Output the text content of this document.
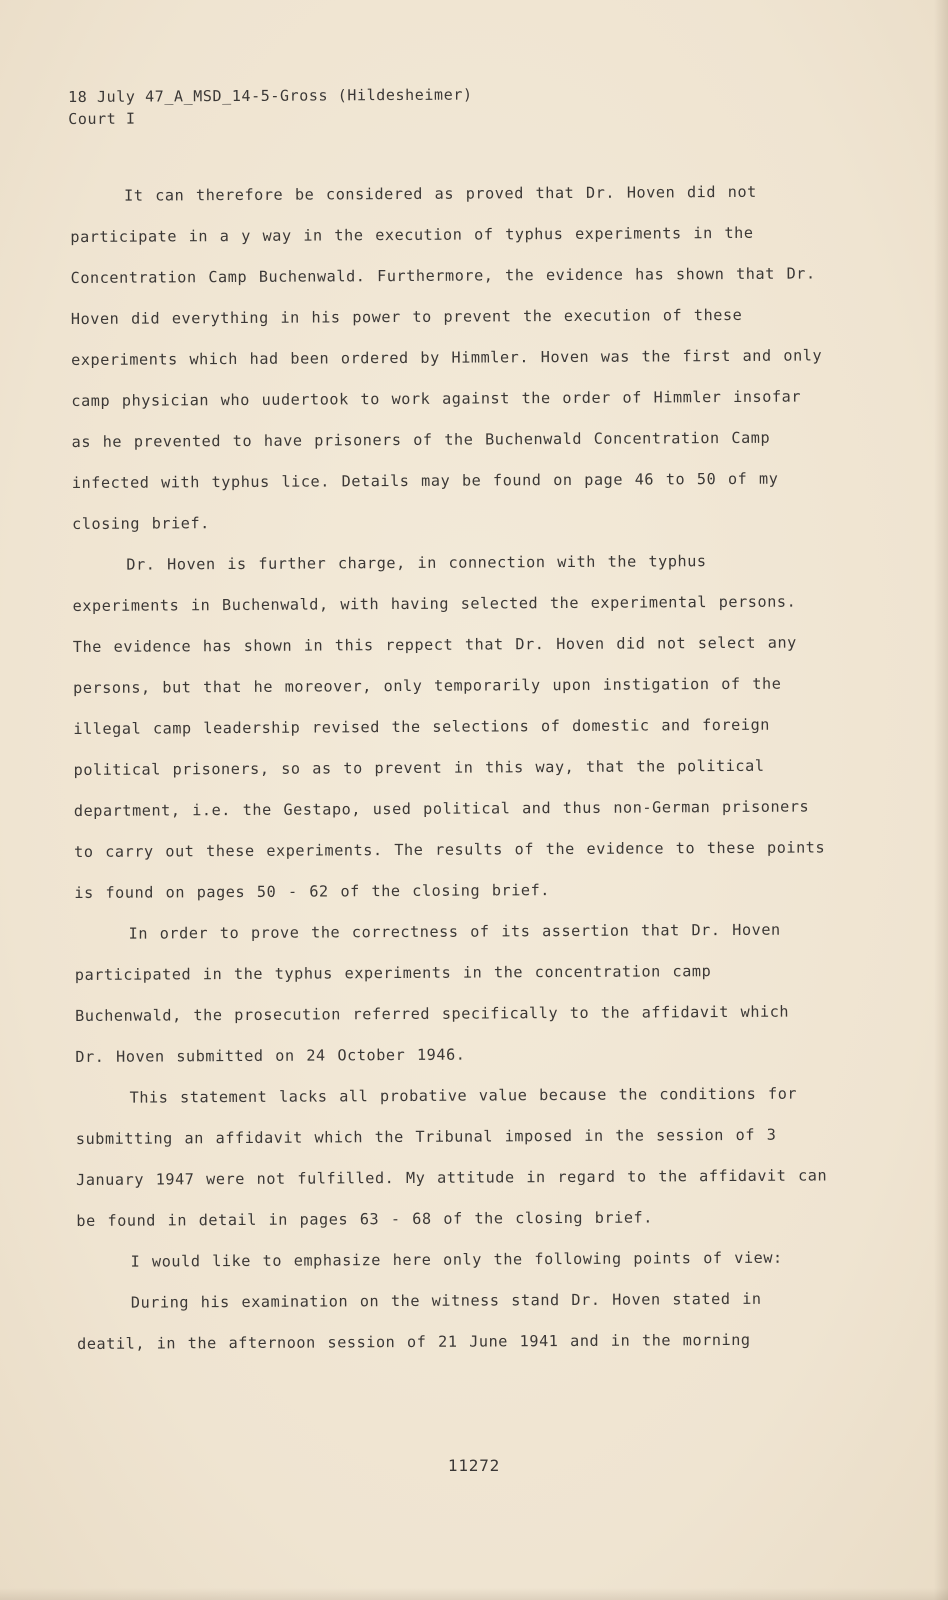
18 July 47_A_MSD_14-5-Gross (Hildesheimer)
Court I

It can therefore be considered as proved that Dr. Hoven did not participate in a y way in the execution of typhus experiments in the Concentration Camp Buchenwald. Furthermore, the evidence has shown that Dr. Hoven did everything in his power to prevent the execution of these experiments which had been ordered by Himmler. Hoven was the first and only camp physician who uudertook to work against the order of Himmler insofar as he prevented to have prisoners of the Buchenwald Concentration Camp infected with typhus lice. Details may be found on page 46 to 50 of my closing brief.

Dr. Hoven is further charge, in connection with the typhus experiments in Buchenwald, with having selected the experimental persons. The evidence has shown in this reppect that Dr. Hoven did not select any persons, but that he moreover, only temporarily upon instigation of the illegal camp leadership revised the selections of domestic and foreign political prisoners, so as to prevent in this way, that the political department, i.e. the Gestapo, used political and thus non-German prisoners to carry out these experiments. The results of the evidence to these points is found on pages 50 - 62 of the closing brief.

In order to prove the correctness of its assertion that Dr. Hoven participated in the typhus experiments in the concentration camp Buchenwald, the prosecution referred specifically to the affidavit which Dr. Hoven submitted on 24 October 1946.

This statement lacks all probative value because the conditions for submitting an affidavit which the Tribunal imposed in the session of 3 January 1947 were not fulfilled. My attitude in regard to the affidavit can be found in detail in pages 63 - 68 of the closing brief.

I would like to emphasize here only the following points of view:

During his examination on the witness stand Dr. Hoven stated in deatil, in the afternoon session of 21 June 1941 and in the morning

11272
